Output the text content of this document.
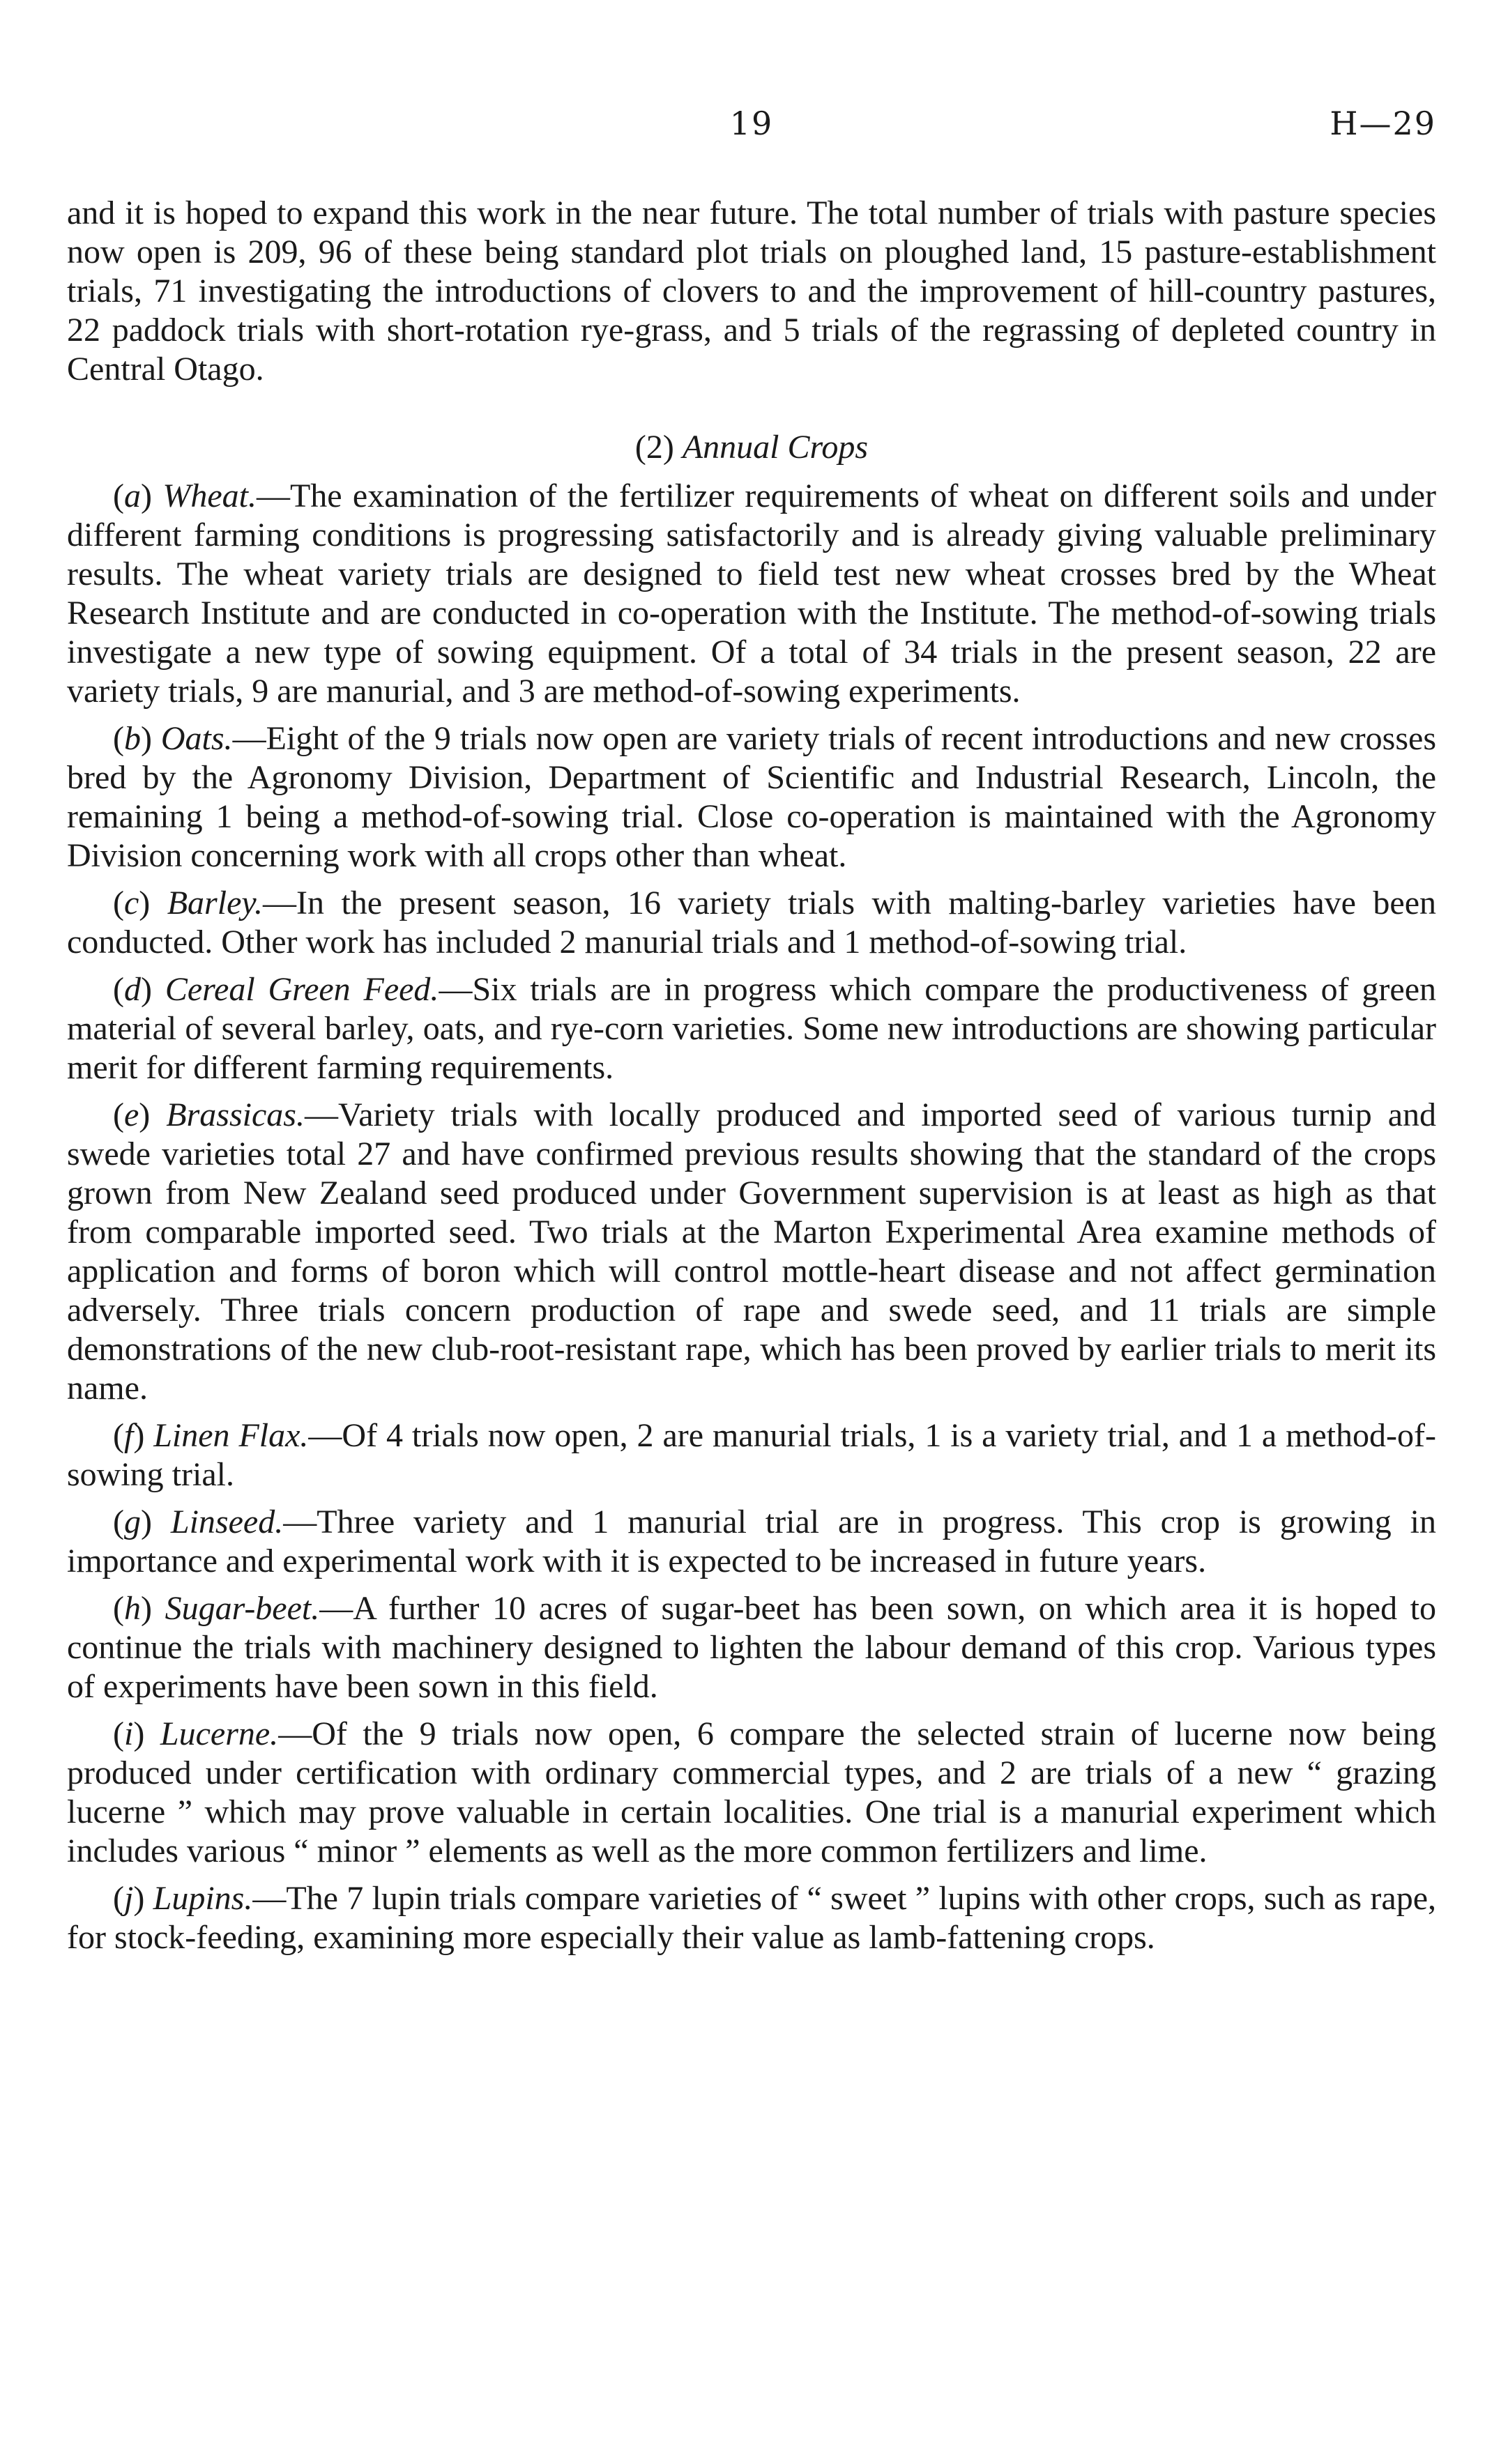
19	H—29

and it is hoped to expand this work in the near future. The total number of trials with pasture species now open is 209, 96 of these being standard plot trials on ploughed land, 15 pasture-establishment trials, 71 investigating the introductions of clovers to and the improvement of hill-country pastures, 22 paddock trials with short-rotation rye-grass, and 5 trials of the regrassing of depleted country in Central Otago.

(2) Annual Crops

(a) Wheat.—The examination of the fertilizer requirements of wheat on different soils and under different farming conditions is progressing satisfactorily and is already giving valuable preliminary results. The wheat variety trials are designed to field test new wheat crosses bred by the Wheat Research Institute and are conducted in co-operation with the Institute. The method-of-sowing trials investigate a new type of sowing equipment. Of a total of 34 trials in the present season, 22 are variety trials, 9 are manurial, and 3 are method-of-sowing experiments.

(b) Oats.—Eight of the 9 trials now open are variety trials of recent introductions and new crosses bred by the Agronomy Division, Department of Scientific and Industrial Research, Lincoln, the remaining 1 being a method-of-sowing trial. Close co-operation is maintained with the Agronomy Division concerning work with all crops other than wheat.

(c) Barley.—In the present season, 16 variety trials with malting-barley varieties have been conducted. Other work has included 2 manurial trials and 1 method-of-sowing trial.

(d) Cereal Green Feed.—Six trials are in progress which compare the productiveness of green material of several barley, oats, and rye-corn varieties. Some new introductions are showing particular merit for different farming requirements.

(e) Brassicas.—Variety trials with locally produced and imported seed of various turnip and swede varieties total 27 and have confirmed previous results showing that the standard of the crops grown from New Zealand seed produced under Government supervision is at least as high as that from comparable imported seed. Two trials at the Marton Experimental Area examine methods of application and forms of boron which will control mottle-heart disease and not affect germination adversely. Three trials concern production of rape and swede seed, and 11 trials are simple demonstrations of the new club-root-resistant rape, which has been proved by earlier trials to merit its name.

(f) Linen Flax.—Of 4 trials now open, 2 are manurial trials, 1 is a variety trial, and 1 a method-of-sowing trial.

(g) Linseed.—Three variety and 1 manurial trial are in progress. This crop is growing in importance and experimental work with it is expected to be increased in future years.

(h) Sugar-beet.—A further 10 acres of sugar-beet has been sown, on which area it is hoped to continue the trials with machinery designed to lighten the labour demand of this crop. Various types of experiments have been sown in this field.

(i) Lucerne.—Of the 9 trials now open, 6 compare the selected strain of lucerne now being produced under certification with ordinary commercial types, and 2 are trials of a new “ grazing lucerne ” which may prove valuable in certain localities. One trial is a manurial experiment which includes various “ minor ” elements as well as the more common fertilizers and lime.

(j) Lupins.—The 7 lupin trials compare varieties of “ sweet ” lupins with other crops, such as rape, for stock-feeding, examining more especially their value as lamb-fattening crops.
